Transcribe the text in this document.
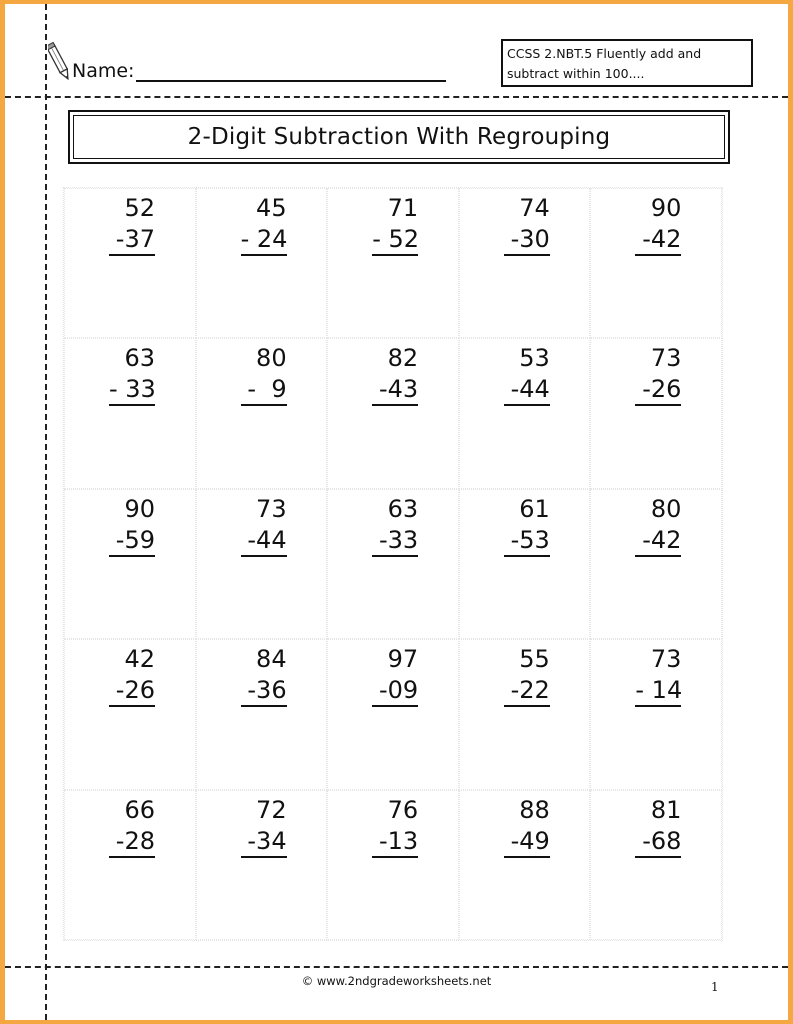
Name:
CCSS 2.NBT.5 Fluently add and subtract within 100....
2-Digit Subtraction With Regrouping
52
-37
45
- 24
71
- 52
74
-30
90
-42
63
- 33
80
-  9
82
-43
53
-44
73
-26
90
-59
73
-44
63
-33
61
-53
80
-42
42
-26
84
-36
97
-09
55
-22
73
- 14
66
-28
72
-34
76
-13
88
-49
81
-68
© www.2ndgradeworksheets.net	1
